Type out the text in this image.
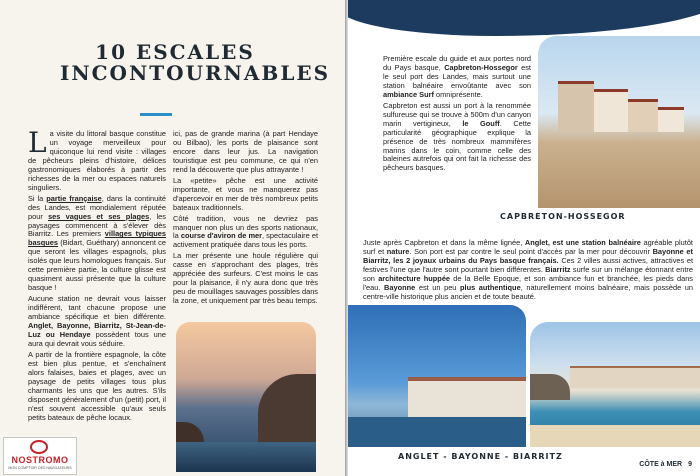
10 ESCALES
INCONTOURNABLES

La visite du littoral basque constitue un voyage merveilleux pour quiconque lui rend visite : villages de pêcheurs pleins d'histoire, délices gastronomiques élaborés à partir des richesses de la mer ou espaces naturels singuliers.

Si la partie française, dans la continuité des Landes, est mondialement réputée pour ses vagues et ses plages, les paysages commencent à s'élever dès Biarritz. Les premiers villages typiques basques (Bidart, Guéthary) annoncent ce que seront les villages espagnols, plus isolés que leurs homologues français. Sur cette première partie, la culture glisse est quasiment aussi présente que la culture basque !

Aucune station ne devrait vous laisser indifférent, tant chacune propose une ambiance spécifique et bien différente. Anglet, Bayonne, Biarritz, St-Jean-de-Luz ou Hendaye possèdent tous une aura qui devrait vous séduire.

A partir de la frontière espagnole, la côte est bien plus pentue, et s'enchaînent alors falaises, baies et plages, avec un paysage de petits villages tous plus charmants les uns que les autres. S'ils disposent généralement d'un (petit) port, il n'est souvent accessible qu'aux seuls petits bateaux de pêche locaux.

ici, pas de grande marina (à part Hendaye ou Bilbao), les ports de plaisance sont encore dans leur jus. La navigation touristique est peu commune, ce qui n'en rend la découverte que plus attrayante !

La «petite» pêche est une activité importante, et vous ne manquerez pas d'apercevoir en mer de très nombreux petits bateaux traditionnels.

Côté tradition, vous ne devriez pas manquer non plus un des sports nationaux, la course d'aviron de mer, spectaculaire et activement pratiquée dans tous les ports.

La mer présente une houle régulière qui casse en s'approchant des plages, très appréciée des surfeurs. C'est moins le cas pour la plaisance, il n'y aura donc que très peu de mouillages sauvages possibles dans la zone, et uniquement par très beau temps.

NOSTROMO
MON COMPTOIR DES NAVIGATEURS

Première escale du guide et aux portes nord du Pays basque, Capbreton-Hossegor est le seul port des Landes, mais surtout une station balnéaire envoûtante avec son ambiance Surf omniprésente.

Capbreton est aussi un port à la renommée sulfureuse qui se trouve à 500m d'un canyon marin vertigineux, le Gouff. Cette particularité géographique explique la présence de très nombreux mammifères marins dans le coin, comme celle des baleines autrefois qui ont fait la richesse des pêcheurs basques.

CAPBRETON-HOSSEGOR

Juste après Capbreton et dans la même lignée, Anglet, est une station balnéaire agréable plutôt surf et nature. Son port est par contre le seul point d'accès par la mer pour découvrir Bayonne et Biarritz, les 2 joyaux urbains du Pays basque français. Ces 2 villes aussi actives, attractives et festives l'une que l'autre sont pourtant bien différentes. Biarritz surfe sur un mélange étonnant entre son architecture huppée de la Belle Epoque, et son ambiance fun et branchée, les pieds dans l'eau. Bayonne est un peu plus authentique, naturellement moins balnéaire, mais possède un centre-ville historique plus ancien et de toute beauté.

ANGLET - BAYONNE - BIARRITZ
CÔTE à MER 9
